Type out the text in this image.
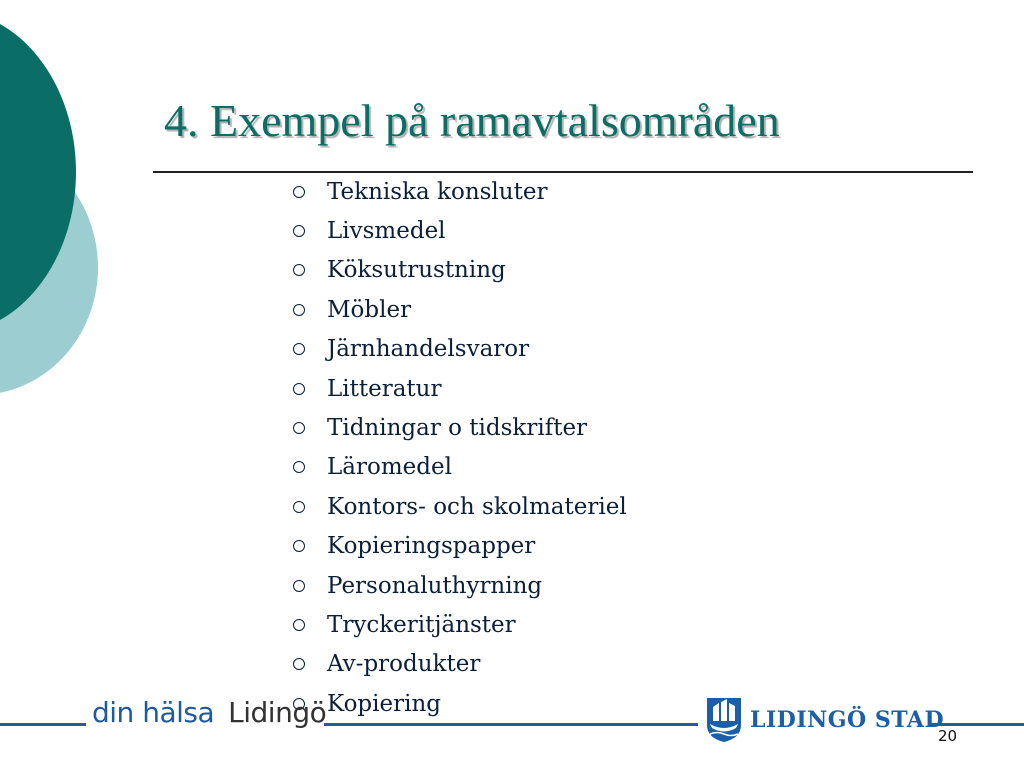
4. Exempel på ramavtalsområden
Tekniska konsluter
Livsmedel
Köksutrustning
Möbler
Järnhandelsvaror
Litteratur
Tidningar o tidskrifter
Läromedel
Kontors- och skolmateriel
Kopieringspapper
Personaluthyrning
Tryckeritjänster
Av-produkter
Kopiering
din hälsa Lidingö	LIDINGÖ STAD
20
